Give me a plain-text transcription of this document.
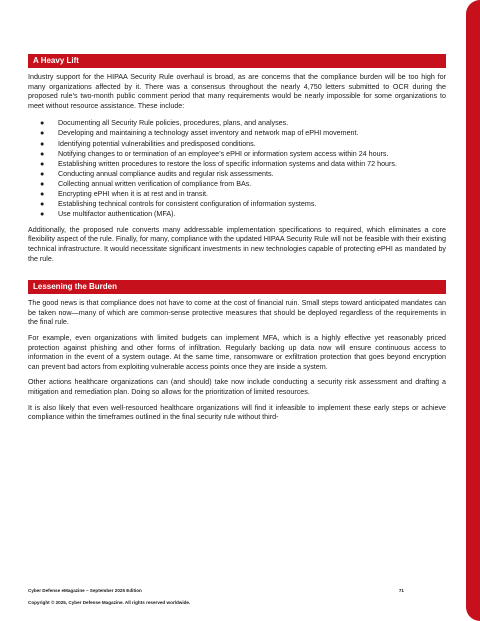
A Heavy Lift

Industry support for the HIPAA Security Rule overhaul is broad, as are concerns that the compliance burden will be too high for many organizations affected by it. There was a consensus throughout the nearly 4,750 letters submitted to OCR during the proposed rule’s two-month public comment period that many requirements would be nearly impossible for some organizations to meet without resource assistance. These include:

● Documenting all Security Rule policies, procedures, plans, and analyses.
● Developing and maintaining a technology asset inventory and network map of ePHI movement.
● Identifying potential vulnerabilities and predisposed conditions.
● Notifying changes to or termination of an employee’s ePHI or information system access within 24 hours.
● Establishing written procedures to restore the loss of specific information systems and data within 72 hours.
● Conducting annual compliance audits and regular risk assessments.
● Collecting annual written verification of compliance from BAs.
● Encrypting ePHI when it is at rest and in transit.
● Establishing technical controls for consistent configuration of information systems.
● Use multifactor authentication (MFA).

Additionally, the proposed rule converts many addressable implementation specifications to required, which eliminates a core flexibility aspect of the rule. Finally, for many, compliance with the updated HIPAA Security Rule will not be feasible with their existing technical infrastructure. It would necessitate significant investments in new technologies capable of protecting ePHI as mandated by the rule.

Lessening the Burden

The good news is that compliance does not have to come at the cost of financial ruin. Small steps toward anticipated mandates can be taken now—many of which are common-sense protective measures that should be deployed regardless of the requirements in the final rule.

For example, even organizations with limited budgets can implement MFA, which is a highly effective yet reasonably priced protection against phishing and other forms of infiltration. Regularly backing up data now will ensure continuous access to information in the event of a system outage. At the same time, ransomware or exfiltration protection that goes beyond encryption can prevent bad actors from exploiting vulnerable access points once they are inside a system.

Other actions healthcare organizations can (and should) take now include conducting a security risk assessment and drafting a mitigation and remediation plan. Doing so allows for the prioritization of limited resources.

It is also likely that even well-resourced healthcare organizations will find it infeasible to implement these early steps or achieve compliance within the timeframes outlined in the final security rule without third-

Cyber Defense eMagazine – September 2025 Edition	71
Copyright © 2025, Cyber Defense Magazine. All rights reserved worldwide.
